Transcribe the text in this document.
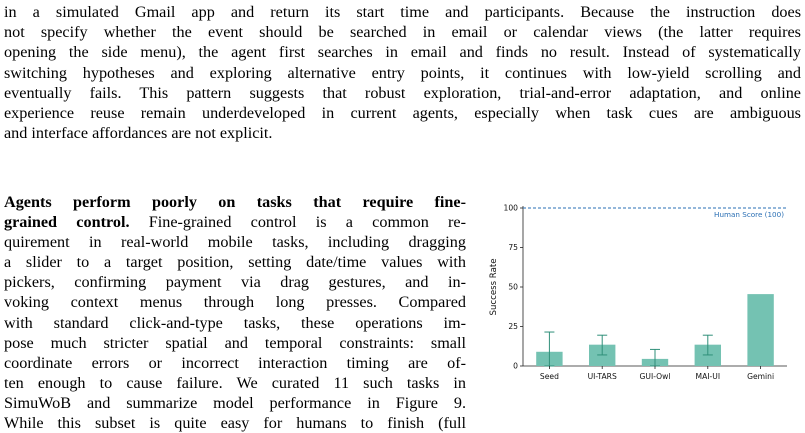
in a simulated Gmail app and return its start time and participants. Because the instruction does
not specify whether the event should be searched in email or calendar views (the latter requires
opening the side menu), the agent first searches in email and finds no result. Instead of systematically
switching hypotheses and exploring alternative entry points, it continues with low-yield scrolling and
eventually fails. This pattern suggests that robust exploration, trial-and-error adaptation, and online
experience reuse remain underdeveloped in current agents, especially when task cues are ambiguous
and interface affordances are not explicit.
Agents perform poorly on tasks that require fine-
grained control. Fine-grained control is a common re-
quirement in real-world mobile tasks, including dragging
a slider to a target position, setting date/time values with
pickers, confirming payment via drag gestures, and in-
voking context menus through long presses. Compared
with standard click-and-type tasks, these operations im-
pose much stricter spatial and temporal constraints: small
coordinate errors or incorrect interaction timing are of-
ten enough to cause failure. We curated 11 such tasks in
SimuWoB and summarize model performance in Figure 9.
While this subset is quite easy for humans to finish (full
0
25
50
75
100
Success Rate
Seed	UI-TARS	GUI-Owl	MAI-UI	Gemini
Human Score (100)
